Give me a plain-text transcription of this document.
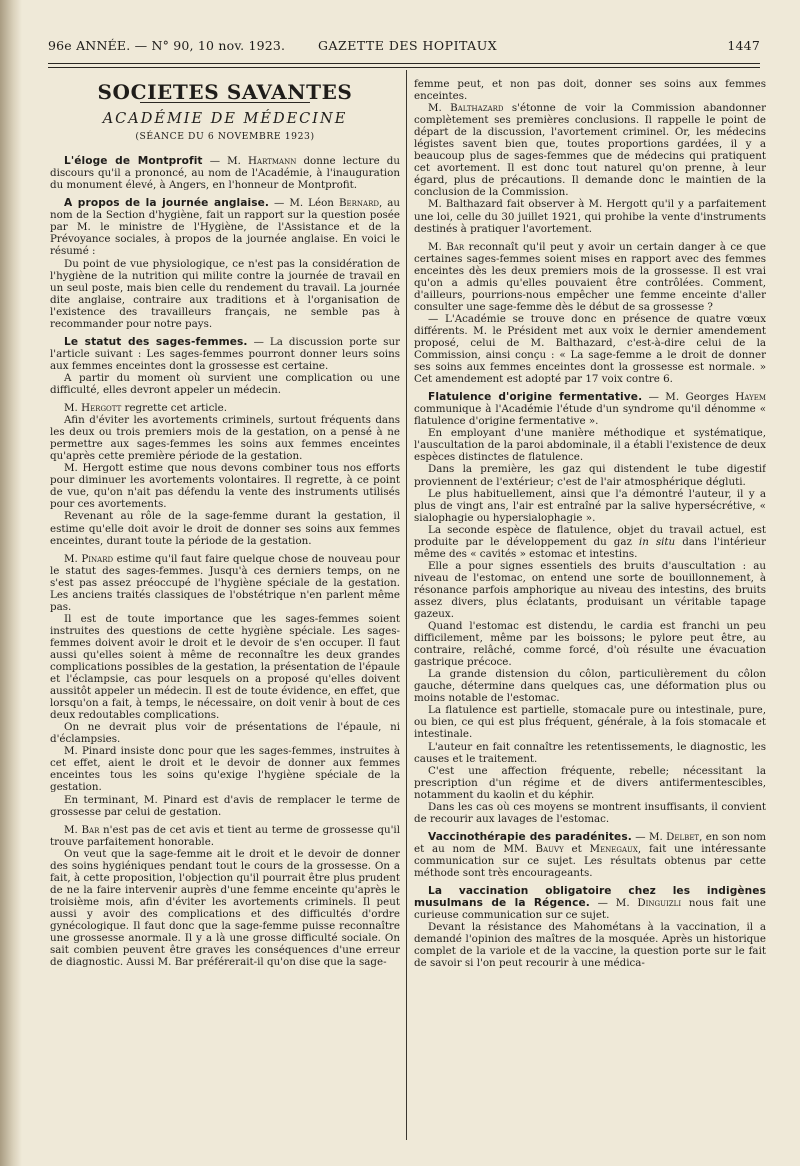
96e ANNÉE. — N° 90, 10 nov. 1923.	GAZETTE DES HOPITAUX	1447
SOCIETES SAVANTES
ACADÉMIE DE MÉDECINE
(SÉANCE DU 6 NOVEMBRE 1923)

L'éloge de Montprofit — M. Hartmann donne lecture du discours qu'il a prononcé, au nom de l'Académie, à l'inauguration du monument élevé, à Angers, en l'honneur de Montprofit.

A propos de la journée anglaise. — M. Léon Bernard, au nom de la Section d'hygiène, fait un rapport sur la question posée par M. le ministre de l'Hygiène, de l'Assistance et de la Prévoyance sociales, à propos de la journée anglaise. En voici le résumé :

Du point de vue physiologique, ce n'est pas la considération de l'hygiène de la nutrition qui milite contre la journée de travail en un seul poste, mais bien celle du rendement du travail. La journée dite anglaise, contraire aux traditions et à l'organisation de l'existence des travailleurs français, ne semble pas à recommander pour notre pays.

Le statut des sages-femmes. — La discussion porte sur l'article suivant : Les sages-femmes pourront donner leurs soins aux femmes enceintes dont la grossesse est certaine.

A partir du moment où survient une complication ou une difficulté, elles devront appeler un médecin.

M. Hergott regrette cet article.

Afin d'éviter les avortements criminels, surtout fréquents dans les deux ou trois premiers mois de la gestation, on a pensé à ne permettre aux sages-femmes les soins aux femmes enceintes qu'après cette première période de la gestation.

M. Hergott estime que nous devons combiner tous nos efforts pour diminuer les avortements volontaires. Il regrette, à ce point de vue, qu'on n'ait pas défendu la vente des instruments utilisés pour ces avortements.

Revenant au rôle de la sage-femme durant la gestation, il estime qu'elle doit avoir le droit de donner ses soins aux femmes enceintes, durant toute la période de la gestation.

M. Pinard estime qu'il faut faire quelque chose de nouveau pour le statut des sages-femmes. Jusqu'à ces derniers temps, on ne s'est pas assez préoccupé de l'hygiène spéciale de la gestation. Les anciens traités classiques de l'obstétrique n'en parlent même pas.

Il est de toute importance que les sages-femmes soient instruites des questions de cette hygiène spéciale. Les sages-femmes doivent avoir le droit et le devoir de s'en occuper. Il faut aussi qu'elles soient à même de reconnaître les deux grandes complications possibles de la gestation, la présentation de l'épaule et l'éclampsie, cas pour lesquels on a proposé qu'elles doivent aussitôt appeler un médecin. Il est de toute évidence, en effet, que lorsqu'on a fait, à temps, le nécessaire, on doit venir à bout de ces deux redoutables complications.

On ne devrait plus voir de présentations de l'épaule, ni d'éclampsies.

M. Pinard insiste donc pour que les sages-femmes, instruites à cet effet, aient le droit et le devoir de donner aux femmes enceintes tous les soins qu'exige l'hygiène spéciale de la gestation.

En terminant, M. Pinard est d'avis de remplacer le terme de grossesse par celui de gestation.

M. Bar n'est pas de cet avis et tient au terme de grossesse qu'il trouve parfaitement honorable.

On veut que la sage-femme ait le droit et le devoir de donner des soins hygiéniques pendant tout le cours de la grossesse. On a fait, à cette proposition, l'objection qu'il pourrait être plus prudent de ne la faire intervenir auprès d'une femme enceinte qu'après le troisième mois, afin d'éviter les avortements criminels. Il peut aussi y avoir des complications et des difficultés d'ordre gynécologique. Il faut donc que la sage-femme puisse reconnaître une grossesse anormale. Il y a là une grosse difficulté sociale. On sait combien peuvent être graves les conséquences d'une erreur de diagnostic. Aussi M. Bar préférerait-il qu'on dise que la sage-

femme peut, et non pas doit, donner ses soins aux femmes enceintes.

M. Balthazard s'étonne de voir la Commission abandonner complètement ses premières conclusions. Il rappelle le point de départ de la discussion, l'avortement criminel. Or, les médecins légistes savent bien que, toutes proportions gardées, il y a beaucoup plus de sages-femmes que de médecins qui pratiquent cet avortement. Il est donc tout naturel qu'on prenne, à leur égard, plus de précautions. Il demande donc le maintien de la conclusion de la Commission.

M. Balthazard fait observer à M. Hergott qu'il y a parfaitement une loi, celle du 30 juillet 1921, qui prohibe la vente d'instruments destinés à pratiquer l'avortement.

M. Bar reconnaît qu'il peut y avoir un certain danger à ce que certaines sages-femmes soient mises en rapport avec des femmes enceintes dès les deux premiers mois de la grossesse. Il est vrai qu'on a admis qu'elles pouvaient être contrôlées. Comment, d'ailleurs, pourrions-nous empêcher une femme enceinte d'aller consulter une sage-femme dès le début de sa grossesse ?

— L'Académie se trouve donc en présence de quatre vœux différents. M. le Président met aux voix le dernier amendement proposé, celui de M. Balthazard, c'est-à-dire celui de la Commission, ainsi conçu : « La sage-femme a le droit de donner ses soins aux femmes enceintes dont la grossesse est normale. » Cet amendement est adopté par 17 voix contre 6.

Flatulence d'origine fermentative. — M. Georges Hayem communique à l'Académie l'étude d'un syndrome qu'il dénomme « flatulence d'origine fermentative ».

En employant d'une manière méthodique et systématique, l'auscultation de la paroi abdominale, il a établi l'existence de deux espèces distinctes de flatulence.

Dans la première, les gaz qui distendent le tube digestif proviennent de l'extérieur; c'est de l'air atmosphérique dégluti.

Le plus habituellement, ainsi que l'a démontré l'auteur, il y a plus de vingt ans, l'air est entraîné par la salive hypersécrétive, « sialophagie ou hypersialophagie ».

La seconde espèce de flatulence, objet du travail actuel, est produite par le développement du gaz in situ dans l'intérieur même des « cavités » estomac et intestins.

Elle a pour signes essentiels des bruits d'auscultation : au niveau de l'estomac, on entend une sorte de bouillonnement, à résonance parfois amphorique au niveau des intestins, des bruits assez divers, plus éclatants, produisant un véritable tapage gazeux.

Quand l'estomac est distendu, le cardia est franchi un peu difficilement, même par les boissons; le pylore peut être, au contraire, relâché, comme forcé, d'où résulte une évacuation gastrique précoce.

La grande distension du côlon, particulièrement du côlon gauche, détermine dans quelques cas, une déformation plus ou moins notable de l'estomac.

La flatulence est partielle, stomacale pure ou intestinale, pure, ou bien, ce qui est plus fréquent, générale, à la fois stomacale et intestinale.

L'auteur en fait connaître les retentissements, le diagnostic, les causes et le traitement.

C'est une affection fréquente, rebelle; nécessitant la prescription d'un régime et de divers antifermentescibles, notamment du kaolin et du képhir.

Dans les cas où ces moyens se montrent insuffisants, il convient de recourir aux lavages de l'estomac.

Vaccinothérapie des paradénites. — M. Delbet, en son nom et au nom de MM. Bauvy et Menegaux, fait une intéressante communication sur ce sujet. Les résultats obtenus par cette méthode sont très encourageants.

La vaccination obligatoire chez les indigènes musulmans de la Régence. — M. Dinguizli nous fait une curieuse communication sur ce sujet.

Devant la résistance des Mahométans à la vaccination, il a demandé l'opinion des maîtres de la mosquée. Après un historique complet de la variole et de la vaccine, la question porte sur le fait de savoir si l'on peut recourir à une médica-
